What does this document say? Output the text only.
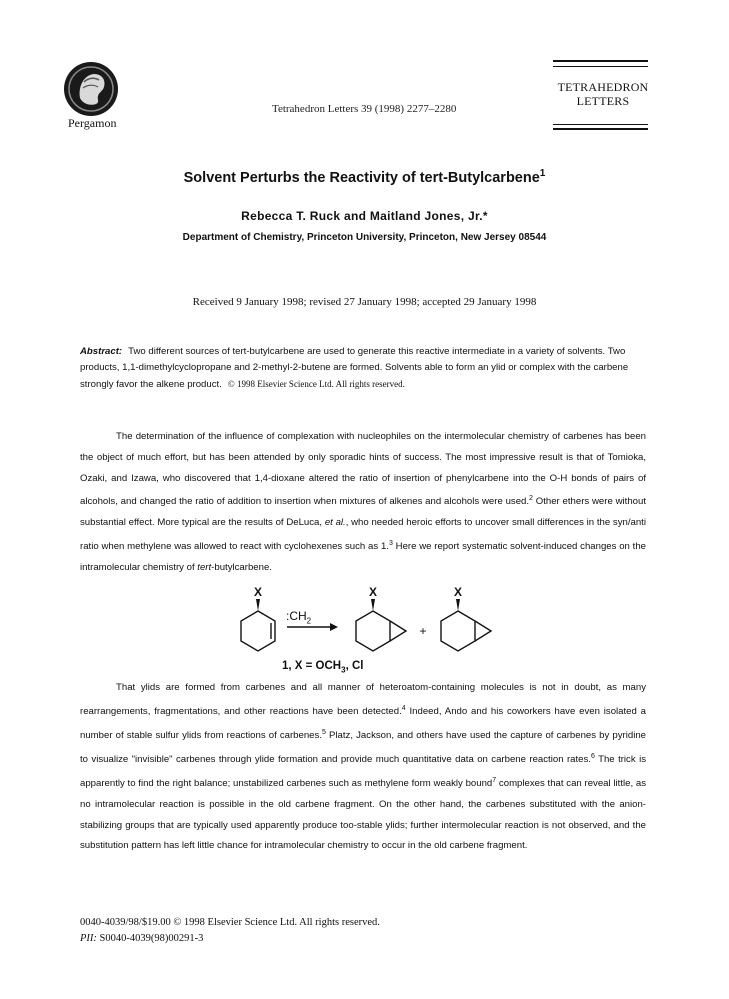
Pergamon
Tetrahedron Letters 39 (1998) 2277–2280
TETRAHEDRON
LETTERS
Solvent Perturbs the Reactivity of tert-Butylcarbene$^1$
Rebecca T. Ruck and Maitland Jones, Jr.*
Department of Chemistry, Princeton University, Princeton, New Jersey 08544
Received 9 January 1998; revised 27 January 1998; accepted 29 January 1998
Abstract: Two different sources of tert-butylcarbene are used to generate this reactive intermediate in a variety of solvents. Two products, 1,1-dimethylcyclopropane and 2-methyl-2-butene are formed. Solvents able to form an ylid or complex with the carbene strongly favor the alkene product. © 1998 Elsevier Science Ltd. All rights reserved.

The determination of the influence of complexation with nucleophiles on the intermolecular chemistry of carbenes has been the object of much effort, but has been attended by only sporadic hints of success. The most impressive result is that of Tomioka, Ozaki, and Izawa, who discovered that 1,4-dioxane altered the ratio of insertion of phenylcarbene into the O-H bonds of pairs of alcohols, and changed the ratio of addition to insertion when mixtures of alkenes and alcohols were used.$^2$ Other ethers were without substantial effect. More typical are the results of DeLuca, et al., who needed heroic efforts to uncover small differences in the syn/anti ratio when methylene was allowed to react with cyclohexenes such as 1.$^3$ Here we report systematic solvent-induced changes on the intramolecular chemistry of tert-butylcarbene.

X	X	X
+
$:CH_2$
1, $X = OCH_3$, Cl

That ylids are formed from carbenes and all manner of heteroatom-containing molecules is not in doubt, as many rearrangements, fragmentations, and other reactions have been detected.$^4$ Indeed, Ando and his coworkers have even isolated a number of stable sulfur ylids from reactions of carbenes.$^5$ Platz, Jackson, and others have used the capture of carbenes by pyridine to visualize "invisible" carbenes through ylide formation and provide much quantitative data on carbene reaction rates.$^6$ The trick is apparently to find the right balance; unstabilized carbenes such as methylene form weakly bound$^7$ complexes that can reveal little, as no intramolecular reaction is possible in the old carbene fragment. On the other hand, the carbenes substituted with the anion-stabilizing groups that are typically used apparently produce too-stable ylids; further intermolecular reaction is not observed, and the substitution pattern has left little chance for intramolecular chemistry to occur in the old carbene fragment.

0040-4039/98/$19.00 © 1998 Elsevier Science Ltd. All rights reserved.
PII: S0040-4039(98)00291-3
